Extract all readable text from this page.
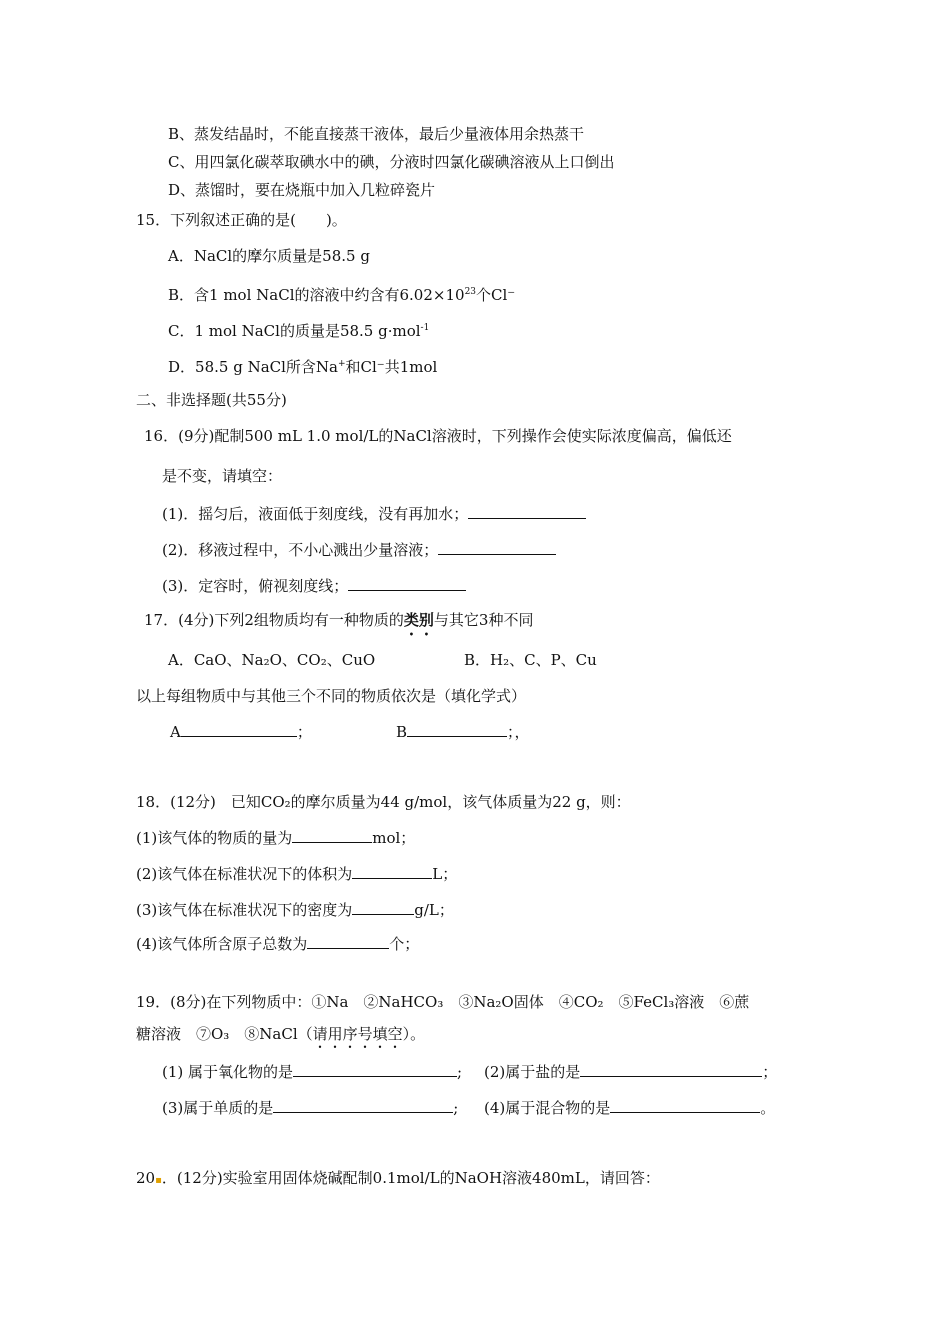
B、蒸发结晶时，不能直接蒸干液体，最后少量液体用余热蒸干
C、用四氯化碳萃取碘水中的碘，分液时四氯化碳碘溶液从上口倒出
D、蒸馏时，要在烧瓶中加入几粒碎瓷片
15．下列叙述正确的是(　　)。
A．NaCl的摩尔质量是58.5 g
B．含1 mol NaCl的溶液中约含有$6.02\times 10^{23}$个Cl⁻
C．1 mol NaCl的质量是58.5 g·mol$^{-1}$
D．58.5 g NaCl所含Na+和Cl⁻共1mol
二、非选择题(共55分)
16．(9分)配制500 mL 1.0 mol/L的NaCl溶液时，下列操作会使实际浓度偏高，偏低还
是不变，请填空：
(1)．摇匀后，液面低于刻度线，没有再加水；
(2)．移液过程中，不小心溅出少量溶液；
(3)．定容时，俯视刻度线；
17．(4分)下列2组物质均有一种物质的类别与其它3种不同
A．CaO、Na₂O、CO₂、CuO	B．H₂、C、P、Cu
以上每组物质中与其他三个不同的物质依次是（填化学式）
A	；	B	；，
18．(12分)　已知CO₂的摩尔质量为44 g/mol，该气体质量为22 g，则：
(1)该气体的物质的量为	mol；
(2)该气体在标准状况下的体积为	L；
(3)该气体在标准状况下的密度为	g/L；
(4)该气体所含原子总数为	个；
19．(8分)在下列物质中：①Na　②NaHCO₃　③Na₂O固体　④CO₂　⑤FeCl₃溶液　⑥蔗
糖溶液　⑦O₃　⑧NaCl（请用序号填空）。
(1) 属于氧化物的是	; (2)属于盐的是	；
(3)属于单质的是	; (4)属于混合物的是	。
20▪．(12分)实验室用固体烧碱配制0.1mol/L的NaOH溶液480mL，请回答：
